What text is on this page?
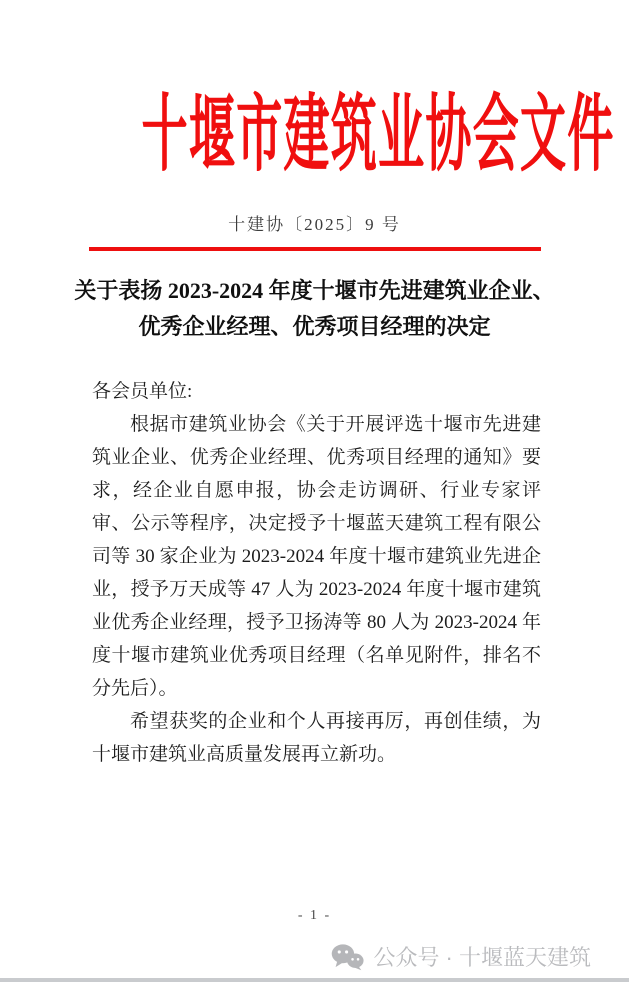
十堰市建筑业协会文件
十建协〔2025〕9 号
关于表扬 2023-2024 年度十堰市先进建筑业企业、
优秀企业经理、优秀项目经理的决定

各会员单位:

根据市建筑业协会《关于开展评选十堰市先进建筑业企业、优秀企业经理、优秀项目经理的通知》要求，经企业自愿申报，协会走访调研、行业专家评审、公示等程序，决定授予十堰蓝天建筑工程有限公司等 30 家企业为 2023-2024 年度十堰市建筑业先进企业，授予万天成等 47 人为 2023-2024 年度十堰市建筑业优秀企业经理，授予卫扬涛等 80 人为 2023-2024 年度十堰市建筑业优秀项目经理（名单见附件，排名不分先后）。

希望获奖的企业和个人再接再厉，再创佳绩，为十堰市建筑业高质量发展再立新功。

- 1 -
公众号 · 十堰蓝天建筑
